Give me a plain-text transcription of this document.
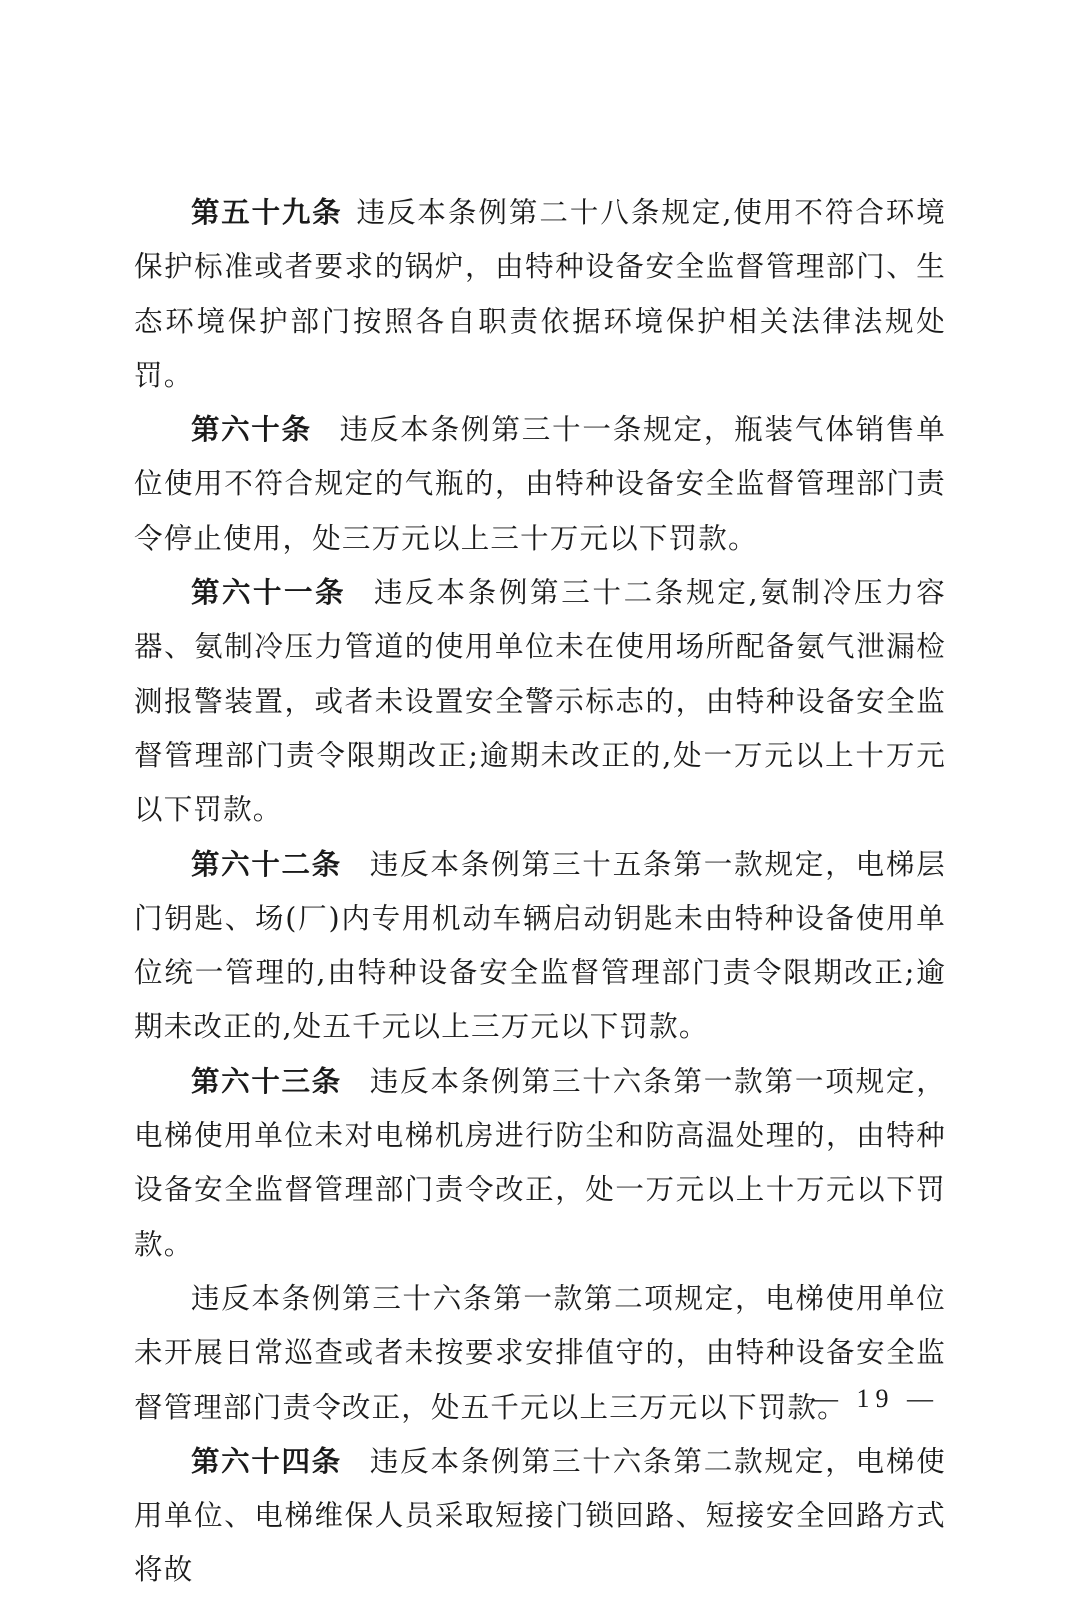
第五十九条 违反本条例第二十八条规定,使用不符合环境保护标准或者要求的锅炉，由特种设备安全监督管理部门、生态环境保护部门按照各自职责依据环境保护相关法律法规处罚。

第六十条 违反本条例第三十一条规定，瓶装气体销售单位使用不符合规定的气瓶的，由特种设备安全监督管理部门责令停止使用，处三万元以上三十万元以下罚款。

第六十一条 违反本条例第三十二条规定,氨制冷压力容器、氨制冷压力管道的使用单位未在使用场所配备氨气泄漏检测报警装置，或者未设置安全警示标志的，由特种设备安全监督管理部门责令限期改正;逾期未改正的,处一万元以上十万元以下罚款。

第六十二条 违反本条例第三十五条第一款规定，电梯层门钥匙、场(厂)内专用机动车辆启动钥匙未由特种设备使用单位统一管理的,由特种设备安全监督管理部门责令限期改正;逾期未改正的,处五千元以上三万元以下罚款。

第六十三条 违反本条例第三十六条第一款第一项规定，电梯使用单位未对电梯机房进行防尘和防高温处理的，由特种设备安全监督管理部门责令改正，处一万元以上十万元以下罚款。

违反本条例第三十六条第一款第二项规定，电梯使用单位未开展日常巡查或者未按要求安排值守的，由特种设备安全监督管理部门责令改正，处五千元以上三万元以下罚款。

第六十四条 违反本条例第三十六条第二款规定，电梯使用单位、电梯维保人员采取短接门锁回路、短接安全回路方式将故

— 19 —
